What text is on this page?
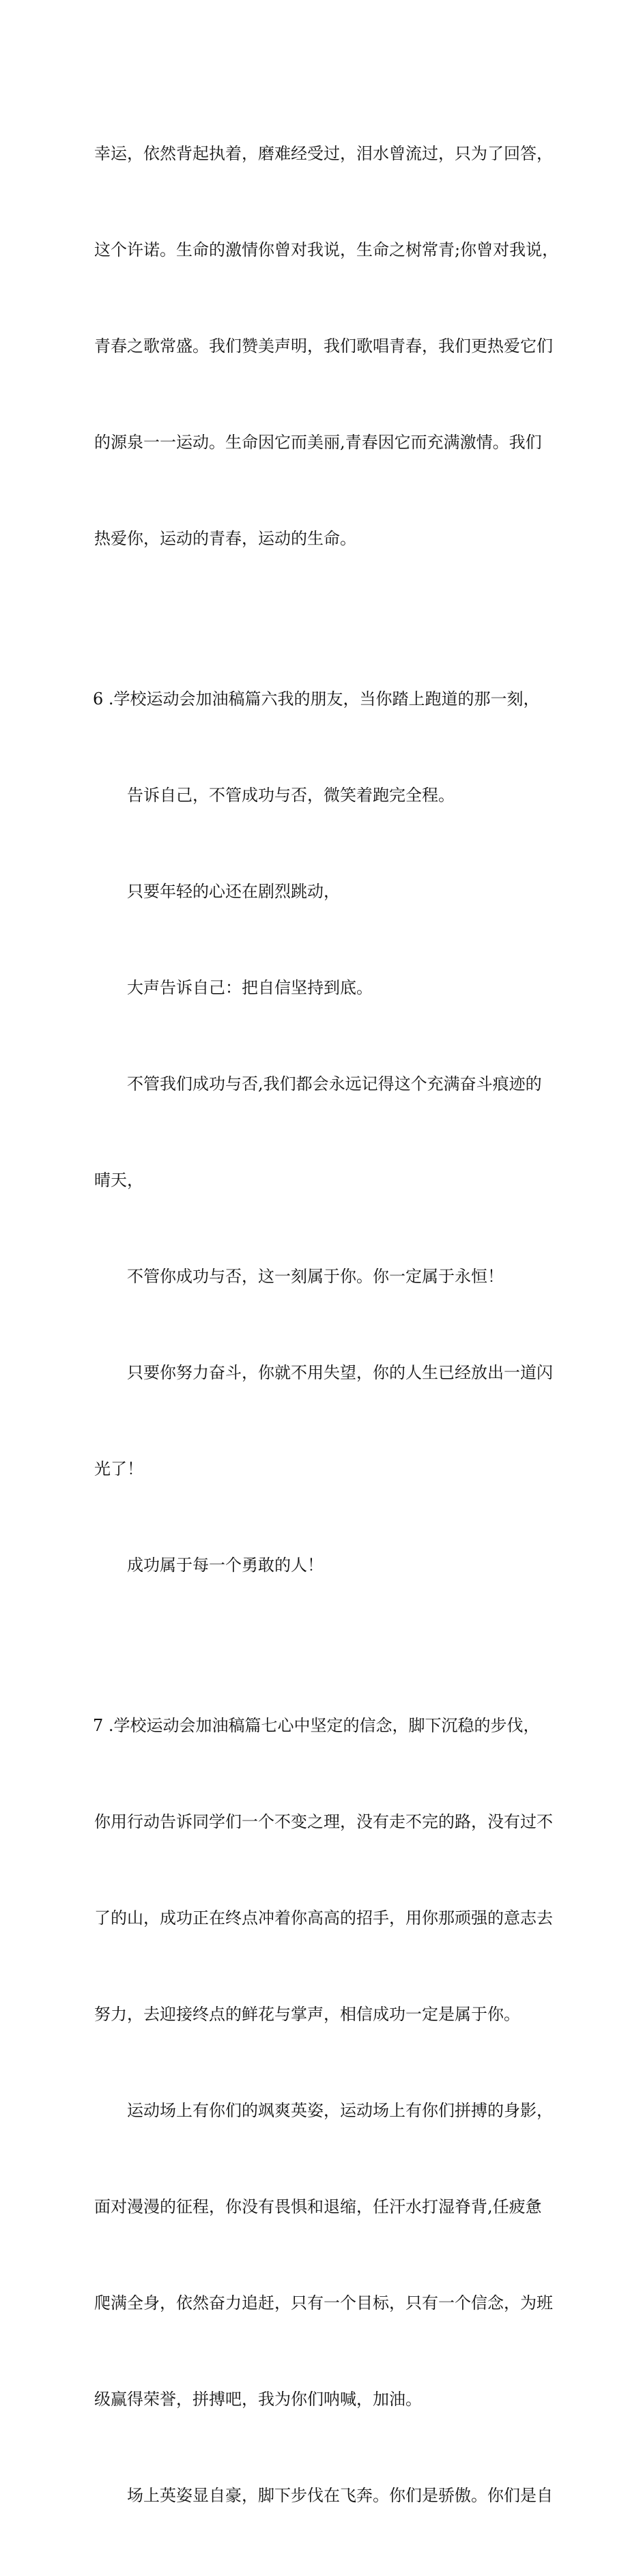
幸运，依然背起执着，磨难经受过，泪水曾流过，只为了回答，

这个许诺。生命的激情你曾对我说，生命之树常青;你曾对我说，

青春之歌常盛。我们赞美声明，我们歌唱青春，我们更热爱它们

的源泉一一运动。生命因它而美丽,青春因它而充满激情。我们

热爱你，运动的青春，运动的生命。

6 .学校运动会加油稿篇六我的朋友，当你踏上跑道的那一刻，

告诉自己，不管成功与否，微笑着跑完全程。

只要年轻的心还在剧烈跳动，

大声告诉自己：把自信坚持到底。

不管我们成功与否,我们都会永远记得这个充满奋斗痕迹的

晴天，

不管你成功与否，这一刻属于你。你一定属于永恒！

只要你努力奋斗，你就不用失望，你的人生已经放出一道闪

光了！

成功属于每一个勇敢的人！

7 .学校运动会加油稿篇七心中坚定的信念，脚下沉稳的步伐，

你用行动告诉同学们一个不变之理，没有走不完的路，没有过不

了的山，成功正在终点冲着你高高的招手，用你那顽强的意志去

努力，去迎接终点的鲜花与掌声，相信成功一定是属于你。

运动场上有你们的飒爽英姿，运动场上有你们拼搏的身影，

面对漫漫的征程，你没有畏惧和退缩，任汗水打湿脊背,任疲惫

爬满全身，依然奋力追赶，只有一个目标，只有一个信念，为班

级赢得荣誉，拼搏吧，我为你们呐喊，加油。

场上英姿显自豪，脚下步伐在飞奔。你们是骄傲。你们是自
